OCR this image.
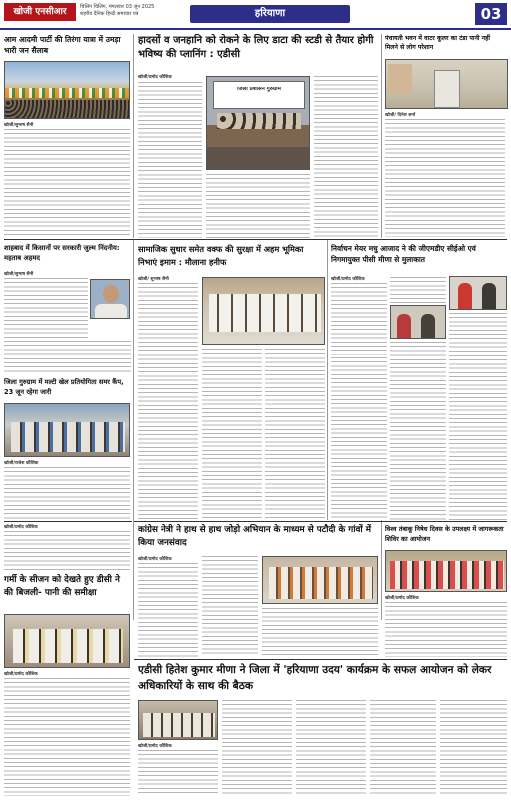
खोजी एनसीआर	चिलिंग चिलिंग, मंगलवार 03 जून 2025
शहरीय दैनिक हिन्दी समाचार पत्र	हरियाणा	03
आम आदमी पार्टी की तिरंगा यात्रा में उमड़ा भारी जन सैलाब
खोजी/सुभाष सैनी
हादसों व जनहानि को रोकने के लिए डाटा की स्टडी से तैयार होगी भविष्य की प्लानिंग : एडीसी
खोजी/प्रमोद कौशिक
जिला प्रशासन गुरुग्राम
पंचायती भवन में वाटर कूलर का टंडा पानी नहीं मिलने से लोग परेशान
खोजी/ दिनेश शर्मा
शाहबाद में किसानों पर सरकारी जुल्म निंदनीय: महताब अहमद
खोजी/सुभाष सैनी
सामाजिक सुधार समेत वक्फ की सुरक्षा में अहम भूमिका निभाएं इमाम : मौलाना हनीफ
खोजी/ सुभाष सैनी
निर्वाचन मेयर मधु आजाद ने की जीएमडीए सीईओ एवं निगमायुक्त पीसी मीणा से मुलाकात
खोजी/प्रमोद कौशिक
जिला गुरुग्राम में मल्टी खेल प्रतियोगिता समर कैंप, 23 जून रहेगा जारी
खोजी/राजेश कौशिक
कांग्रेस नेत्री ने हाथ से हाथ जोड़ो अभियान के माध्यम से पटौदी के गांवों में किया जनसंवाद
खोजी/प्रमोद कौशिक
विश्व तंबाकू निषेध दिवस के उपलक्ष्य में जागरूकता शिविर का आयोजन
खोजी/प्रमोद कौशिक
खोजी/प्रमोद कौशिक
गर्मी के सीजन को देखते हुए डीसी ने की बिजली- पानी की समीक्षा
खोजी/प्रमोद कौशिक	एडीसी हितेश कुमार मीणा ने जिला में 'हरियाणा उदय' कार्यक्रम के सफल आयोजन को लेकर अधिकारियों के साथ की बैठक
खोजी/प्रमोद कौशिक
